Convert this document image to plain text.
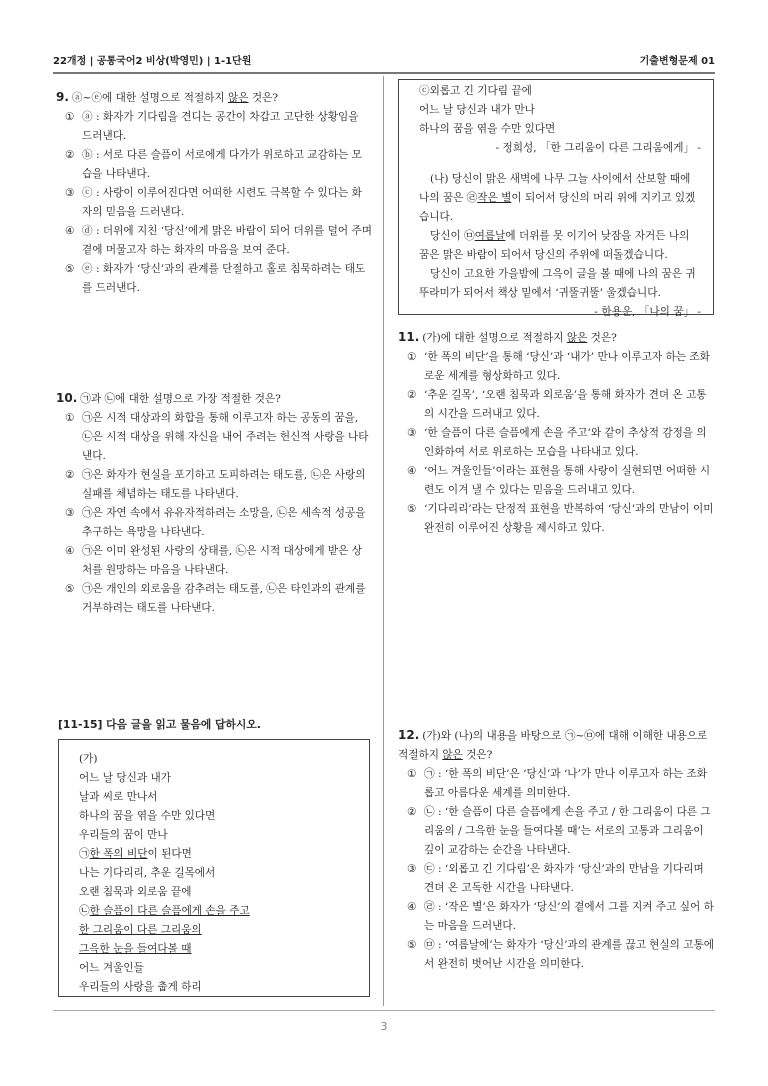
22개정 | 공통국어2 비상(박영민) | 1-1단원	기출변형문제 01

9. ⓐ~ⓔ에 대한 설명으로 적절하지 않은 것은?

① ⓐ : 화자가 기다림을 견디는 공간이 차갑고 고단한 상황임을 드러낸다.
② ⓑ : 서로 다른 슬픔이 서로에게 다가가 위로하고 교감하는 모습을 나타낸다.
③ ⓒ : 사랑이 이루어진다면 어떠한 시련도 극복할 수 있다는 화자의 믿음을 드러낸다.
④ ⓓ : 더위에 지친 ‘당신’에게 맑은 바람이 되어 더위를 덜어 주며 곁에 머물고자 하는 화자의 마음을 보여 준다.
⑤ ⓔ : 화자가 ‘당신’과의 관계를 단절하고 홀로 침묵하려는 태도를 드러낸다.

10. ㉠과 ㉡에 대한 설명으로 가장 적절한 것은?

① ㉠은 시적 대상과의 화합을 통해 이루고자 하는 공동의 꿈을, ㉡은 시적 대상을 위해 자신을 내어 주려는 헌신적 사랑을 나타낸다.
② ㉠은 화자가 현실을 포기하고 도피하려는 태도를, ㉡은 사랑의 실패를 체념하는 태도를 나타낸다.
③ ㉠은 자연 속에서 유유자적하려는 소망을, ㉡은 세속적 성공을 추구하는 욕망을 나타낸다.
④ ㉠은 이미 완성된 사랑의 상태를, ㉡은 시적 대상에게 받은 상처를 원망하는 마음을 나타낸다.
⑤ ㉠은 개인의 외로움을 감추려는 태도를, ㉡은 타인과의 관계를 거부하려는 태도를 나타낸다.
[11-15] 다음 글을 읽고 물음에 답하시오.
(가)
어느 날 당신과 내가
날과 씨로 만나서
하나의 꿈을 엮을 수만 있다면
우리들의 꿈이 만나
㉠한 폭의 비단이 된다면
나는 기다리리, 추운 길목에서
오랜 침묵과 외로움 끝에
㉡한 슬픔이 다른 슬픔에게 손을 주고
한 그리움이 다른 그리움의
그윽한 눈을 들여다볼 때
어느 겨울인들
우리들의 사랑을 춥게 하리
ⓒ외롭고 긴 기다림 끝에
어느 날 당신과 내가 만나
하나의 꿈을 엮을 수만 있다면
- 정희성, 「한 그리움이 다른 그리움에게」 -

(나) 당신이 맑은 새벽에 나무 그늘 사이에서 산보할 때에 나의 꿈은 ㉣작은 별이 되어서 당신의 머리 위에 지키고 있겠습니다.

당신이 ㉤여름날에 더위를 못 이기어 낮잠을 자거든 나의 꿈은 맑은 바람이 되어서 당신의 주위에 떠돌겠습니다.

당신이 고요한 가을밤에 그윽이 글을 볼 때에 나의 꿈은 귀뚜라미가 되어서 책상 밑에서 ‘귀뚤귀뚤’ 울겠습니다.

- 한용운, 「나의 꿈」 -

11. (가)에 대한 설명으로 적절하지 않은 것은?

① ‘한 폭의 비단’을 통해 ‘당신’과 ‘내가’ 만나 이루고자 하는 조화로운 세계를 형상화하고 있다.
② ‘추운 길목’, ‘오랜 침묵과 외로움’을 통해 화자가 견뎌 온 고통의 시간을 드러내고 있다.
③ ‘한 슬픔이 다른 슬픔에게 손을 주고’와 같이 추상적 감정을 의인화하여 서로 위로하는 모습을 나타내고 있다.
④ ‘어느 겨울인들’이라는 표현을 통해 사랑이 실현되면 어떠한 시련도 이겨 낼 수 있다는 믿음을 드러내고 있다.
⑤ ‘기다리리’라는 단정적 표현을 반복하여 ‘당신’과의 만남이 이미 완전히 이루어진 상황을 제시하고 있다.

12. (가)와 (나)의 내용을 바탕으로 ㉠~㉤에 대해 이해한 내용으로 적절하지 않은 것은?

① ㉠ : ‘한 폭의 비단’은 ‘당신’과 ‘나’가 만나 이루고자 하는 조화롭고 아름다운 세계를 의미한다.
② ㉡ : ‘한 슬픔이 다른 슬픔에게 손을 주고 / 한 그리움이 다른 그리움의 / 그윽한 눈을 들여다볼 때’는 서로의 고통과 그리움이 깊이 교감하는 순간을 나타낸다.
③ ㉢ : ‘외롭고 긴 기다림’은 화자가 ‘당신’과의 만남을 기다리며 견뎌 온 고독한 시간을 나타낸다.
④ ㉣ : ‘작은 별’은 화자가 ‘당신’의 곁에서 그를 지켜 주고 싶어 하는 마음을 드러낸다.
⑤ ㉤ : ‘여름날에’는 화자가 ‘당신’과의 관계를 끊고 현실의 고통에서 완전히 벗어난 시간을 의미한다.
3
